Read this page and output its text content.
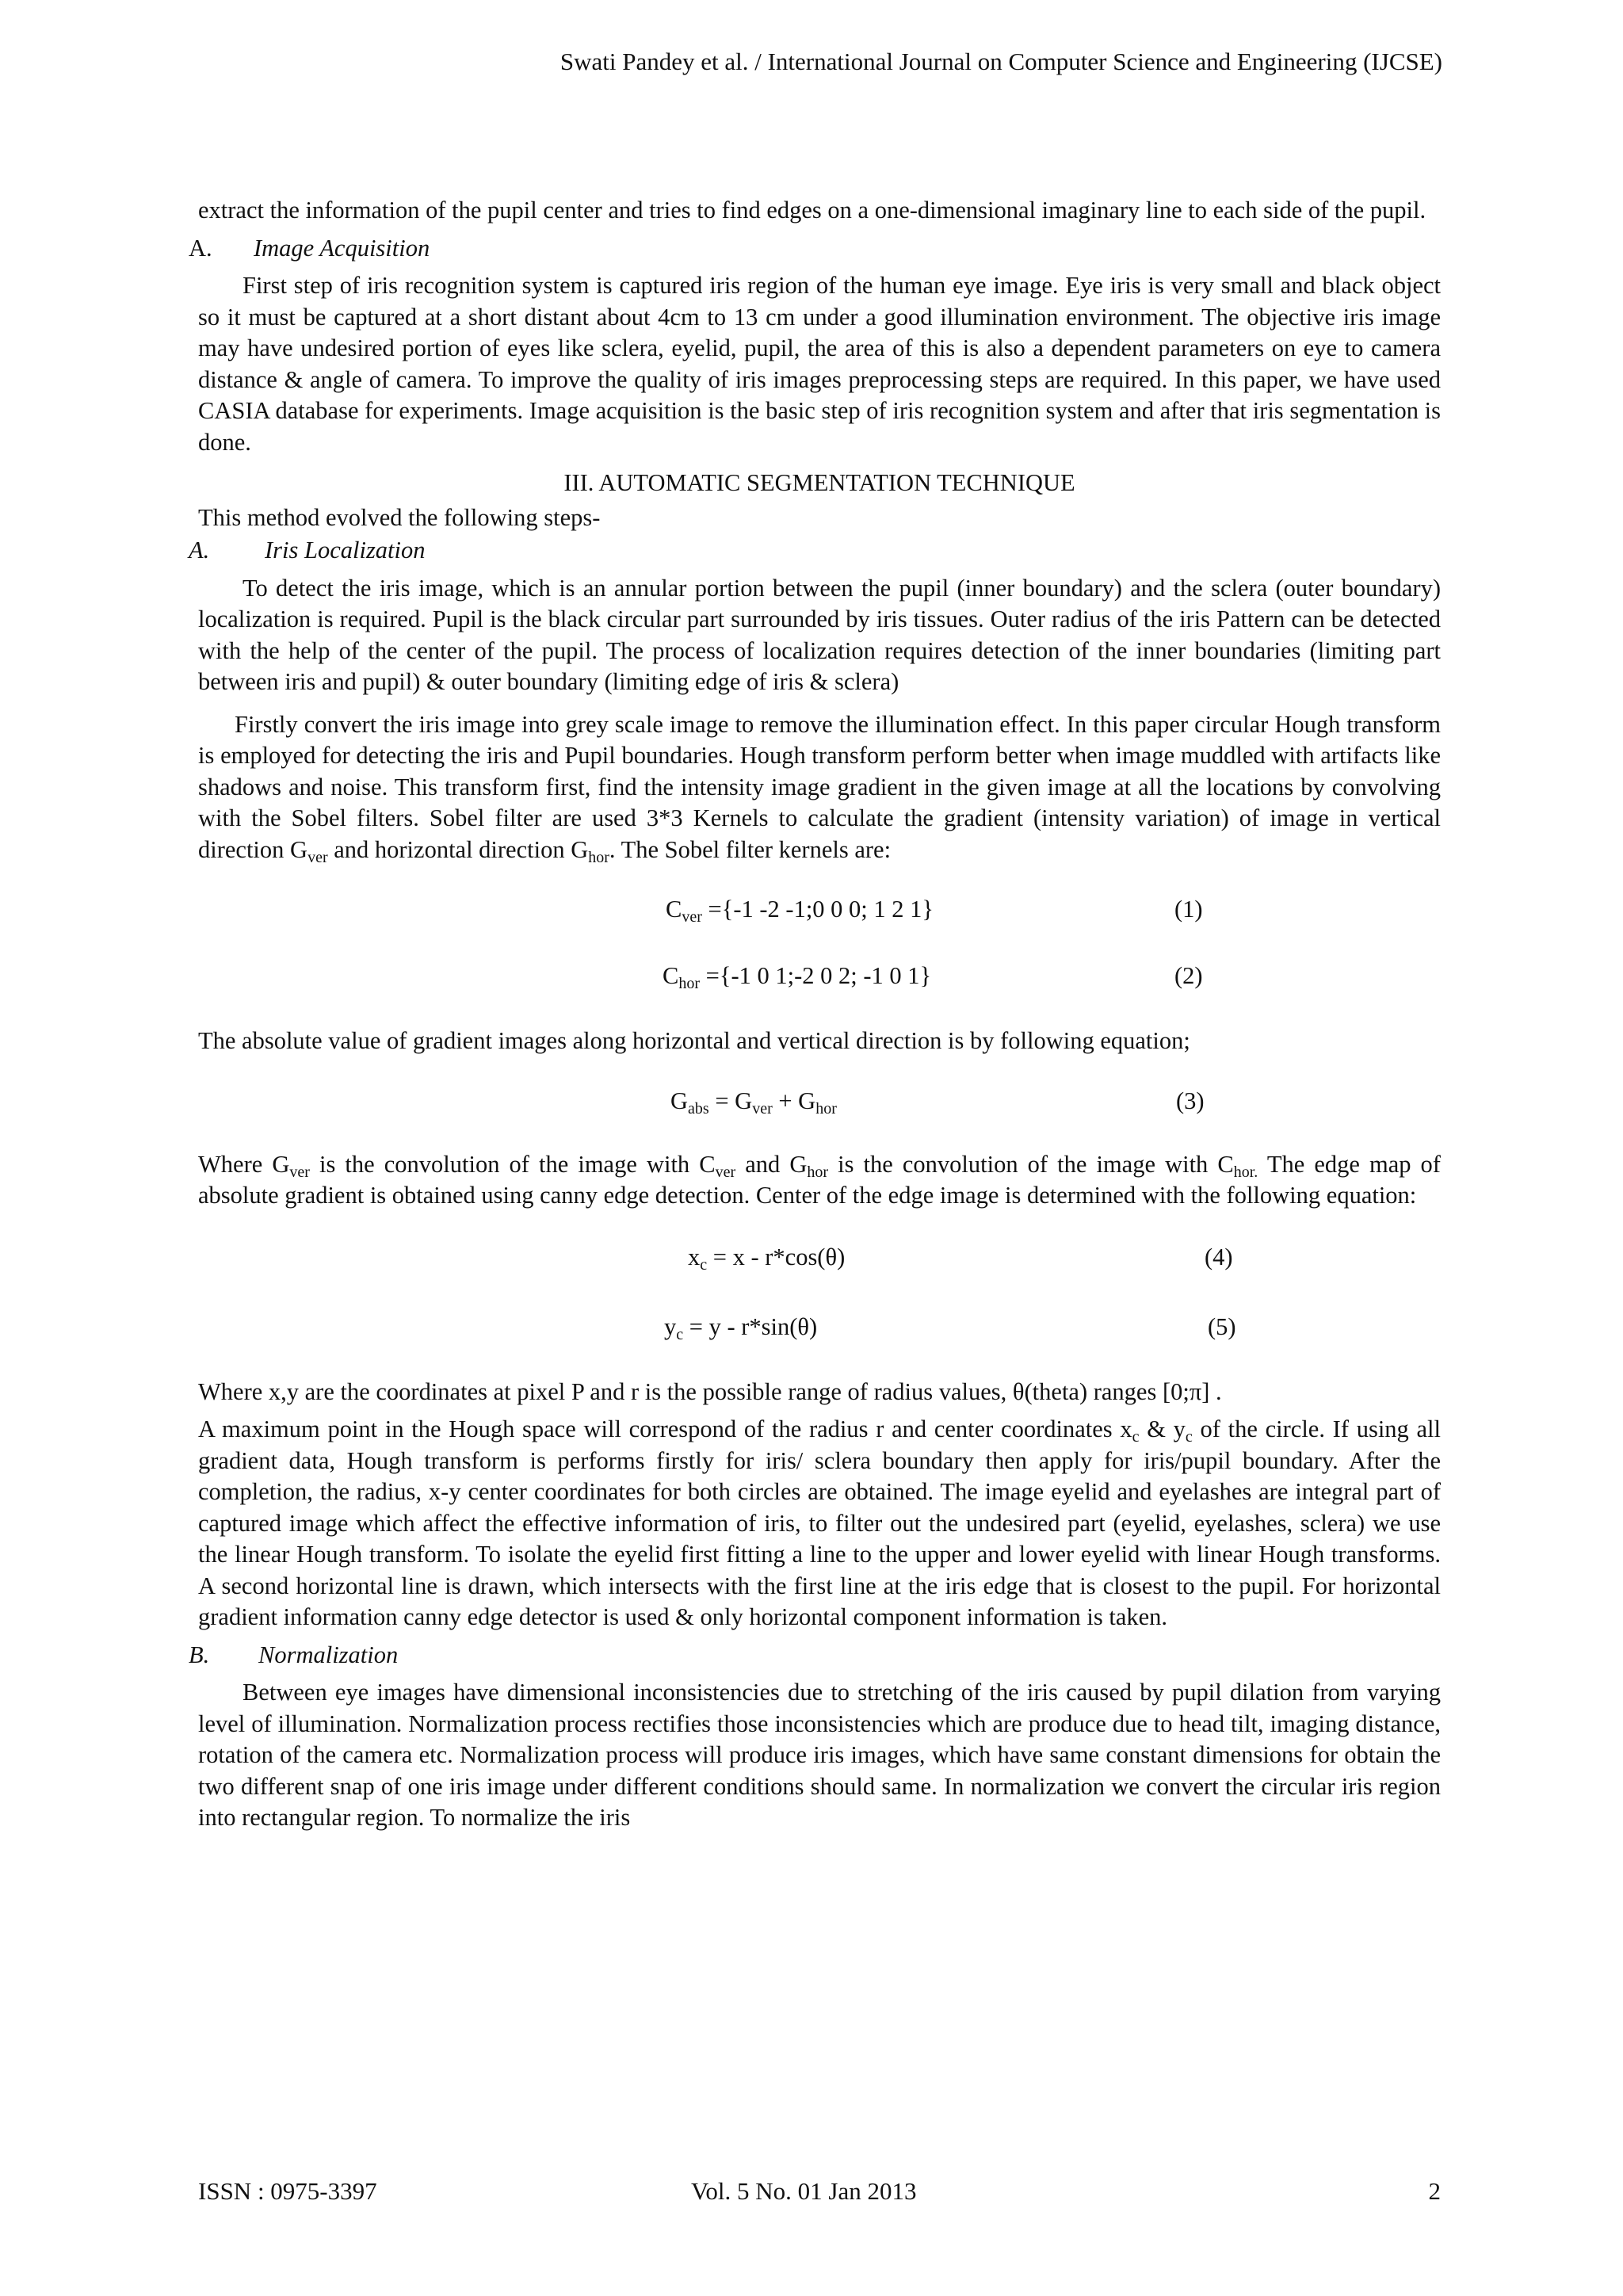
Swati Pandey et al. / International Journal on Computer Science and Engineering (IJCSE)

extract the information of the pupil center and tries to find edges on a one-dimensional imaginary line to each side of the pupil.

A.	Image Acquisition

First step of iris recognition system is captured iris region of the human eye image. Eye iris is very small and black object so it must be captured at a short distant about 4cm to 13 cm under a good illumination environment. The objective iris image may have undesired portion of eyes like sclera, eyelid, pupil, the area of this is also a dependent parameters on eye to camera distance & angle of camera. To improve the quality of iris images preprocessing steps are required. In this paper, we have used CASIA database for experiments. Image acquisition is the basic step of iris recognition system and after that iris segmentation is done.

III. AUTOMATIC SEGMENTATION TECHNIQUE

This method evolved the following steps-

A.	Iris Localization

To detect the iris image, which is an annular portion between the pupil (inner boundary) and the sclera (outer boundary) localization is required. Pupil is the black circular part surrounded by iris tissues. Outer radius of the iris Pattern can be detected with the help of the center of the pupil. The process of localization requires detection of the inner boundaries (limiting part between iris and pupil) & outer boundary (limiting edge of iris & sclera)

Firstly convert the iris image into grey scale image to remove the illumination effect. In this paper circular Hough transform is employed for detecting the iris and Pupil boundaries. Hough transform perform better when image muddled with artifacts like shadows and noise. This transform first, find the intensity image gradient in the given image at all the locations by convolving with the Sobel filters. Sobel filter are used 3*3 Kernels to calculate the gradient (intensity variation) of image in vertical direction $G_{ver}$ and horizontal direction $G_{hor}$. The Sobel filter kernels are:

$C_{ver} =\{-1$ -2 -1;0 0 0; 1 2 1}	(1)
$C_{hor} =\{-1$ 0 1;-2 0 2; -1 0 1}	(2)

The absolute value of gradient images along horizontal and vertical direction is by following equation;

$G_{abs} = G_{ver} + G_{hor}$	(3)

Where $G_{ver}$ is the convolution of the image with $C_{ver}$ and $G_{hor}$ is the convolution of the image with $C_{hor.}$ The edge map of absolute gradient is obtained using canny edge detection. Center of the edge image is determined with the following equation:

$x_c = x - r*\cos(\theta)$	(4)
$y_c = y - r*\sin(\theta)$	(5)

Where x,y are the coordinates at pixel P and r is the possible range of radius values, θ(theta) ranges [0;π] .

A maximum point in the Hough space will correspond of the radius r and center coordinates $x_c$ & $y_c$ of the circle. If using all gradient data, Hough transform is performs firstly for iris/ sclera boundary then apply for iris/pupil boundary. After the completion, the radius, x-y center coordinates for both circles are obtained. The image eyelid and eyelashes are integral part of captured image which affect the effective information of iris, to filter out the undesired part (eyelid, eyelashes, sclera) we use the linear Hough transform. To isolate the eyelid first fitting a line to the upper and lower eyelid with linear Hough transforms. A second horizontal line is drawn, which intersects with the first line at the iris edge that is closest to the pupil. For horizontal gradient information canny edge detector is used & only horizontal component information is taken.

B.	Normalization

Between eye images have dimensional inconsistencies due to stretching of the iris caused by pupil dilation from varying level of illumination. Normalization process rectifies those inconsistencies which are produce due to head tilt, imaging distance, rotation of the camera etc. Normalization process will produce iris images, which have same constant dimensions for obtain the two different snap of one iris image under different conditions should same. In normalization we convert the circular iris region into rectangular region. To normalize the iris

ISSN : 0975-3397	Vol. 5 No. 01 Jan 2013	2
